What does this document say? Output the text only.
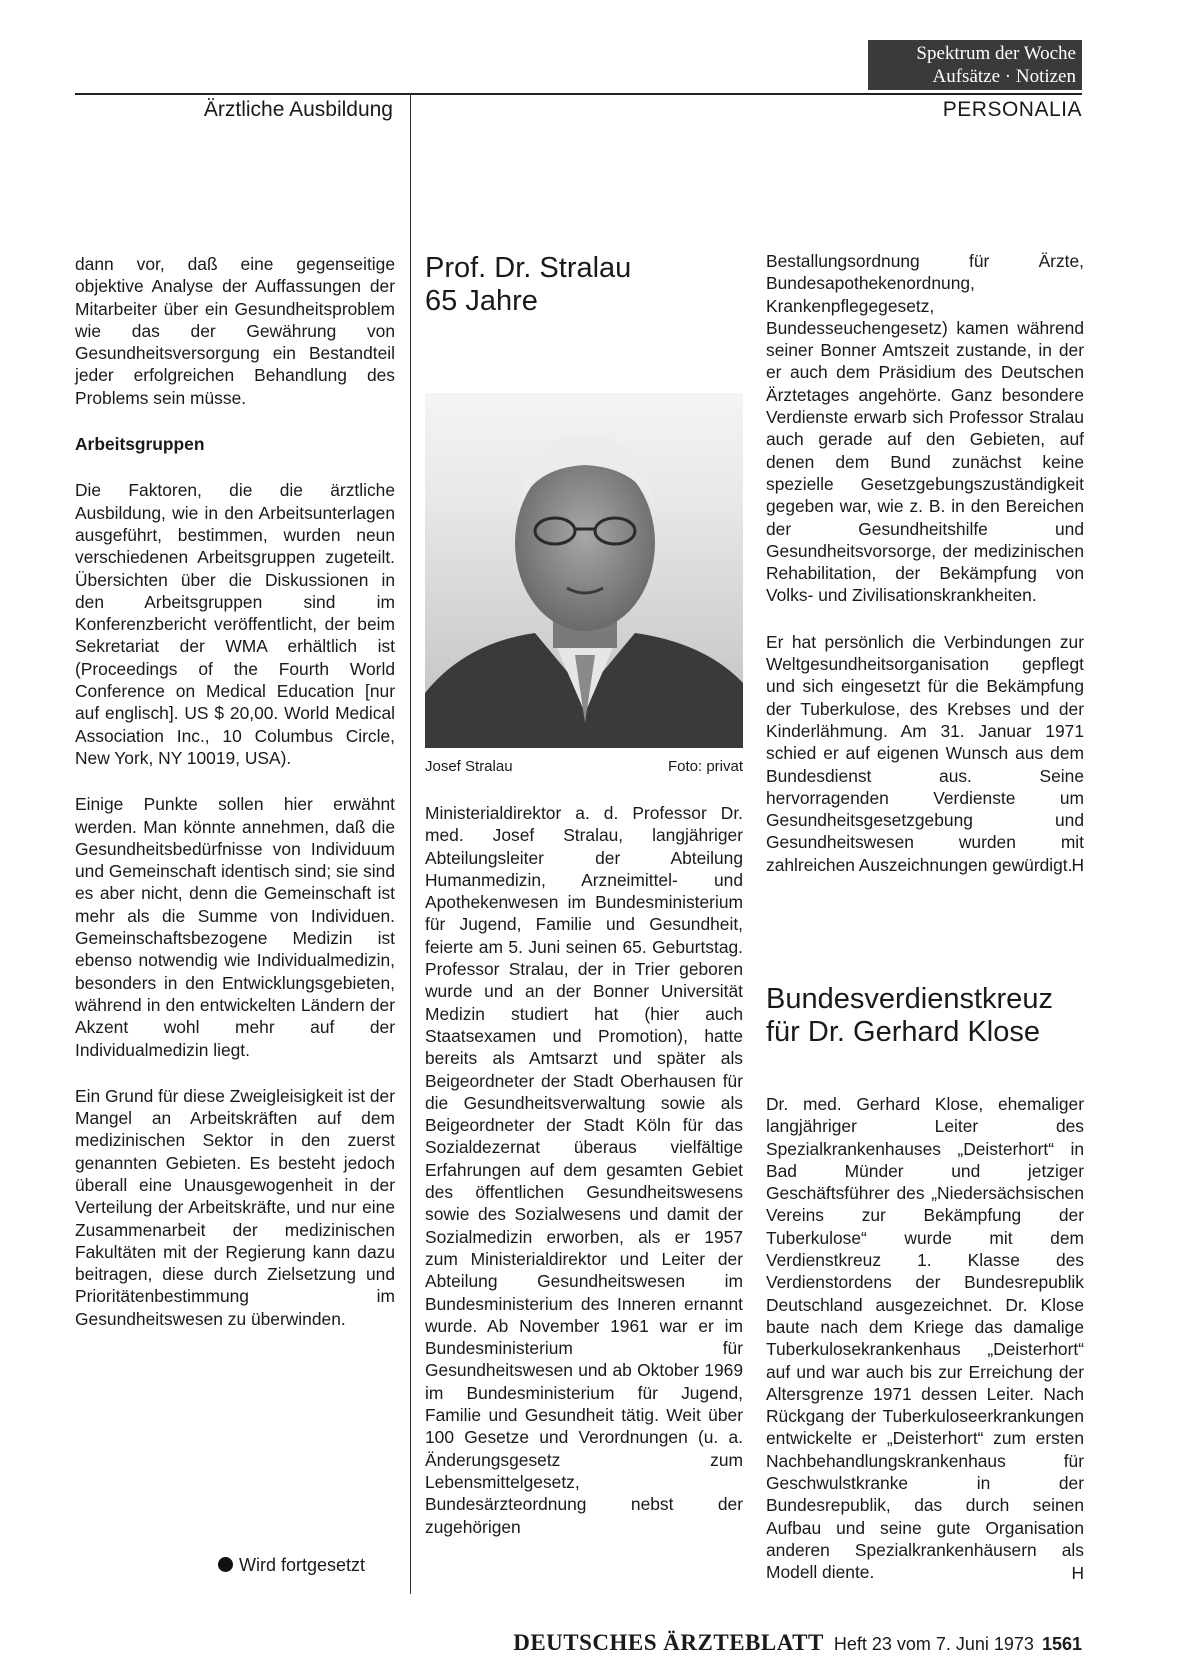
Spektrum der Woche
Aufsätze · Notizen
Ärztliche Ausbildung	PERSONALIA

dann vor, daß eine gegenseitige objektive Analyse der Auffassungen der Mitarbeiter über ein Gesundheitsproblem wie das der Gewährung von Gesundheitsversorgung ein Bestandteil jeder erfolgreichen Behandlung des Problems sein müsse.

Arbeitsgruppen

Die Faktoren, die die ärztliche Ausbildung, wie in den Arbeitsunterlagen ausgeführt, bestimmen, wurden neun verschiedenen Arbeitsgruppen zugeteilt. Übersichten über die Diskussionen in den Arbeitsgruppen sind im Konferenzbericht veröffentlicht, der beim Sekretariat der WMA erhältlich ist (Proceedings of the Fourth World Conference on Medical Education [nur auf englisch]. US $ 20,00. World Medical Association Inc., 10 Columbus Circle, New York, NY 10019, USA).

Einige Punkte sollen hier erwähnt werden. Man könnte annehmen, daß die Gesundheitsbedürfnisse von Individuum und Gemeinschaft identisch sind; sie sind es aber nicht, denn die Gemeinschaft ist mehr als die Summe von Individuen. Gemeinschaftsbezogene Medizin ist ebenso notwendig wie Individualmedizin, besonders in den Entwicklungsgebieten, während in den entwickelten Ländern der Akzent wohl mehr auf der Individualmedizin liegt.

Ein Grund für diese Zweigleisigkeit ist der Mangel an Arbeitskräften auf dem medizinischen Sektor in den zuerst genannten Gebieten. Es besteht jedoch überall eine Unausgewogenheit in der Verteilung der Arbeitskräfte, und nur eine Zusammenarbeit der medizinischen Fakultäten mit der Regierung kann dazu beitragen, diese durch Zielsetzung und Prioritätenbestimmung im Gesundheitswesen zu überwinden.

Wird fortgesetzt
Prof. Dr. Stralau
65 Jahre
Josef Stralau	Foto: privat

Ministerialdirektor a. d. Professor Dr. med. Josef Stralau, langjähriger Abteilungsleiter der Abteilung Humanmedizin, Arzneimittel- und Apothekenwesen im Bundesministerium für Jugend, Familie und Gesundheit, feierte am 5. Juni seinen 65. Geburtstag. Professor Stralau, der in Trier geboren wurde und an der Bonner Universität Medizin studiert hat (hier auch Staatsexamen und Promotion), hatte bereits als Amtsarzt und später als Beigeordneter der Stadt Oberhausen für die Gesundheitsverwaltung sowie als Beigeordneter der Stadt Köln für das Sozialdezernat überaus vielfältige Erfahrungen auf dem gesamten Gebiet des öffentlichen Gesundheitswesens sowie des Sozialwesens und damit der Sozialmedizin erworben, als er 1957 zum Ministerialdirektor und Leiter der Abteilung Gesundheitswesen im Bundesministerium des Inneren ernannt wurde. Ab November 1961 war er im Bundesministerium für Gesundheitswesen und ab Oktober 1969 im Bundesministerium für Jugend, Familie und Gesundheit tätig. Weit über 100 Gesetze und Verordnungen (u. a. Änderungsgesetz zum Lebensmittelgesetz, Bundesärzteordnung nebst der zugehörigen

Bestallungsordnung für Ärzte, Bundesapothekenordnung, Krankenpflegegesetz, Bundesseuchengesetz) kamen während seiner Bonner Amtszeit zustande, in der er auch dem Präsidium des Deutschen Ärztetages angehörte. Ganz besondere Verdienste erwarb sich Professor Stralau auch gerade auf den Gebieten, auf denen dem Bund zunächst keine spezielle Gesetzgebungszuständigkeit gegeben war, wie z. B. in den Bereichen der Gesundheitshilfe und Gesundheitsvorsorge, der medizinischen Rehabilitation, der Bekämpfung von Volks- und Zivilisationskrankheiten.

Er hat persönlich die Verbindungen zur Weltgesundheitsorganisation gepflegt und sich eingesetzt für die Bekämpfung der Tuberkulose, des Krebses und der Kinderlähmung. Am 31. Januar 1971 schied er auf eigenen Wunsch aus dem Bundesdienst aus. Seine hervorragenden Verdienste um Gesundheitsgesetzgebung und Gesundheitswesen wurden mit zahlreichen Auszeichnungen gewürdigt.

H
Bundesverdienstkreuz
für Dr. Gerhard Klose

Dr. med. Gerhard Klose, ehemaliger langjähriger Leiter des Spezialkrankenhauses „Deisterhort“ in Bad Münder und jetziger Geschäftsführer des „Niedersächsischen Vereins zur Bekämpfung der Tuberkulose“ wurde mit dem Verdienstkreuz 1. Klasse des Verdienstordens der Bundesrepublik Deutschland ausgezeichnet. Dr. Klose baute nach dem Kriege das damalige Tuberkulosekrankenhaus „Deisterhort“ auf und war auch bis zur Erreichung der Altersgrenze 1971 dessen Leiter. Nach Rückgang der Tuberkuloseerkrankungen entwickelte er „Deisterhort“ zum ersten Nachbehandlungskrankenhaus für Geschwulstkranke in der Bundesrepublik, das durch seinen Aufbau und seine gute Organisation anderen Spezialkrankenhäusern als Modell diente.	H
DEUTSCHES ÄRZTEBLATT Heft 23 vom 7. Juni 1973 1561
